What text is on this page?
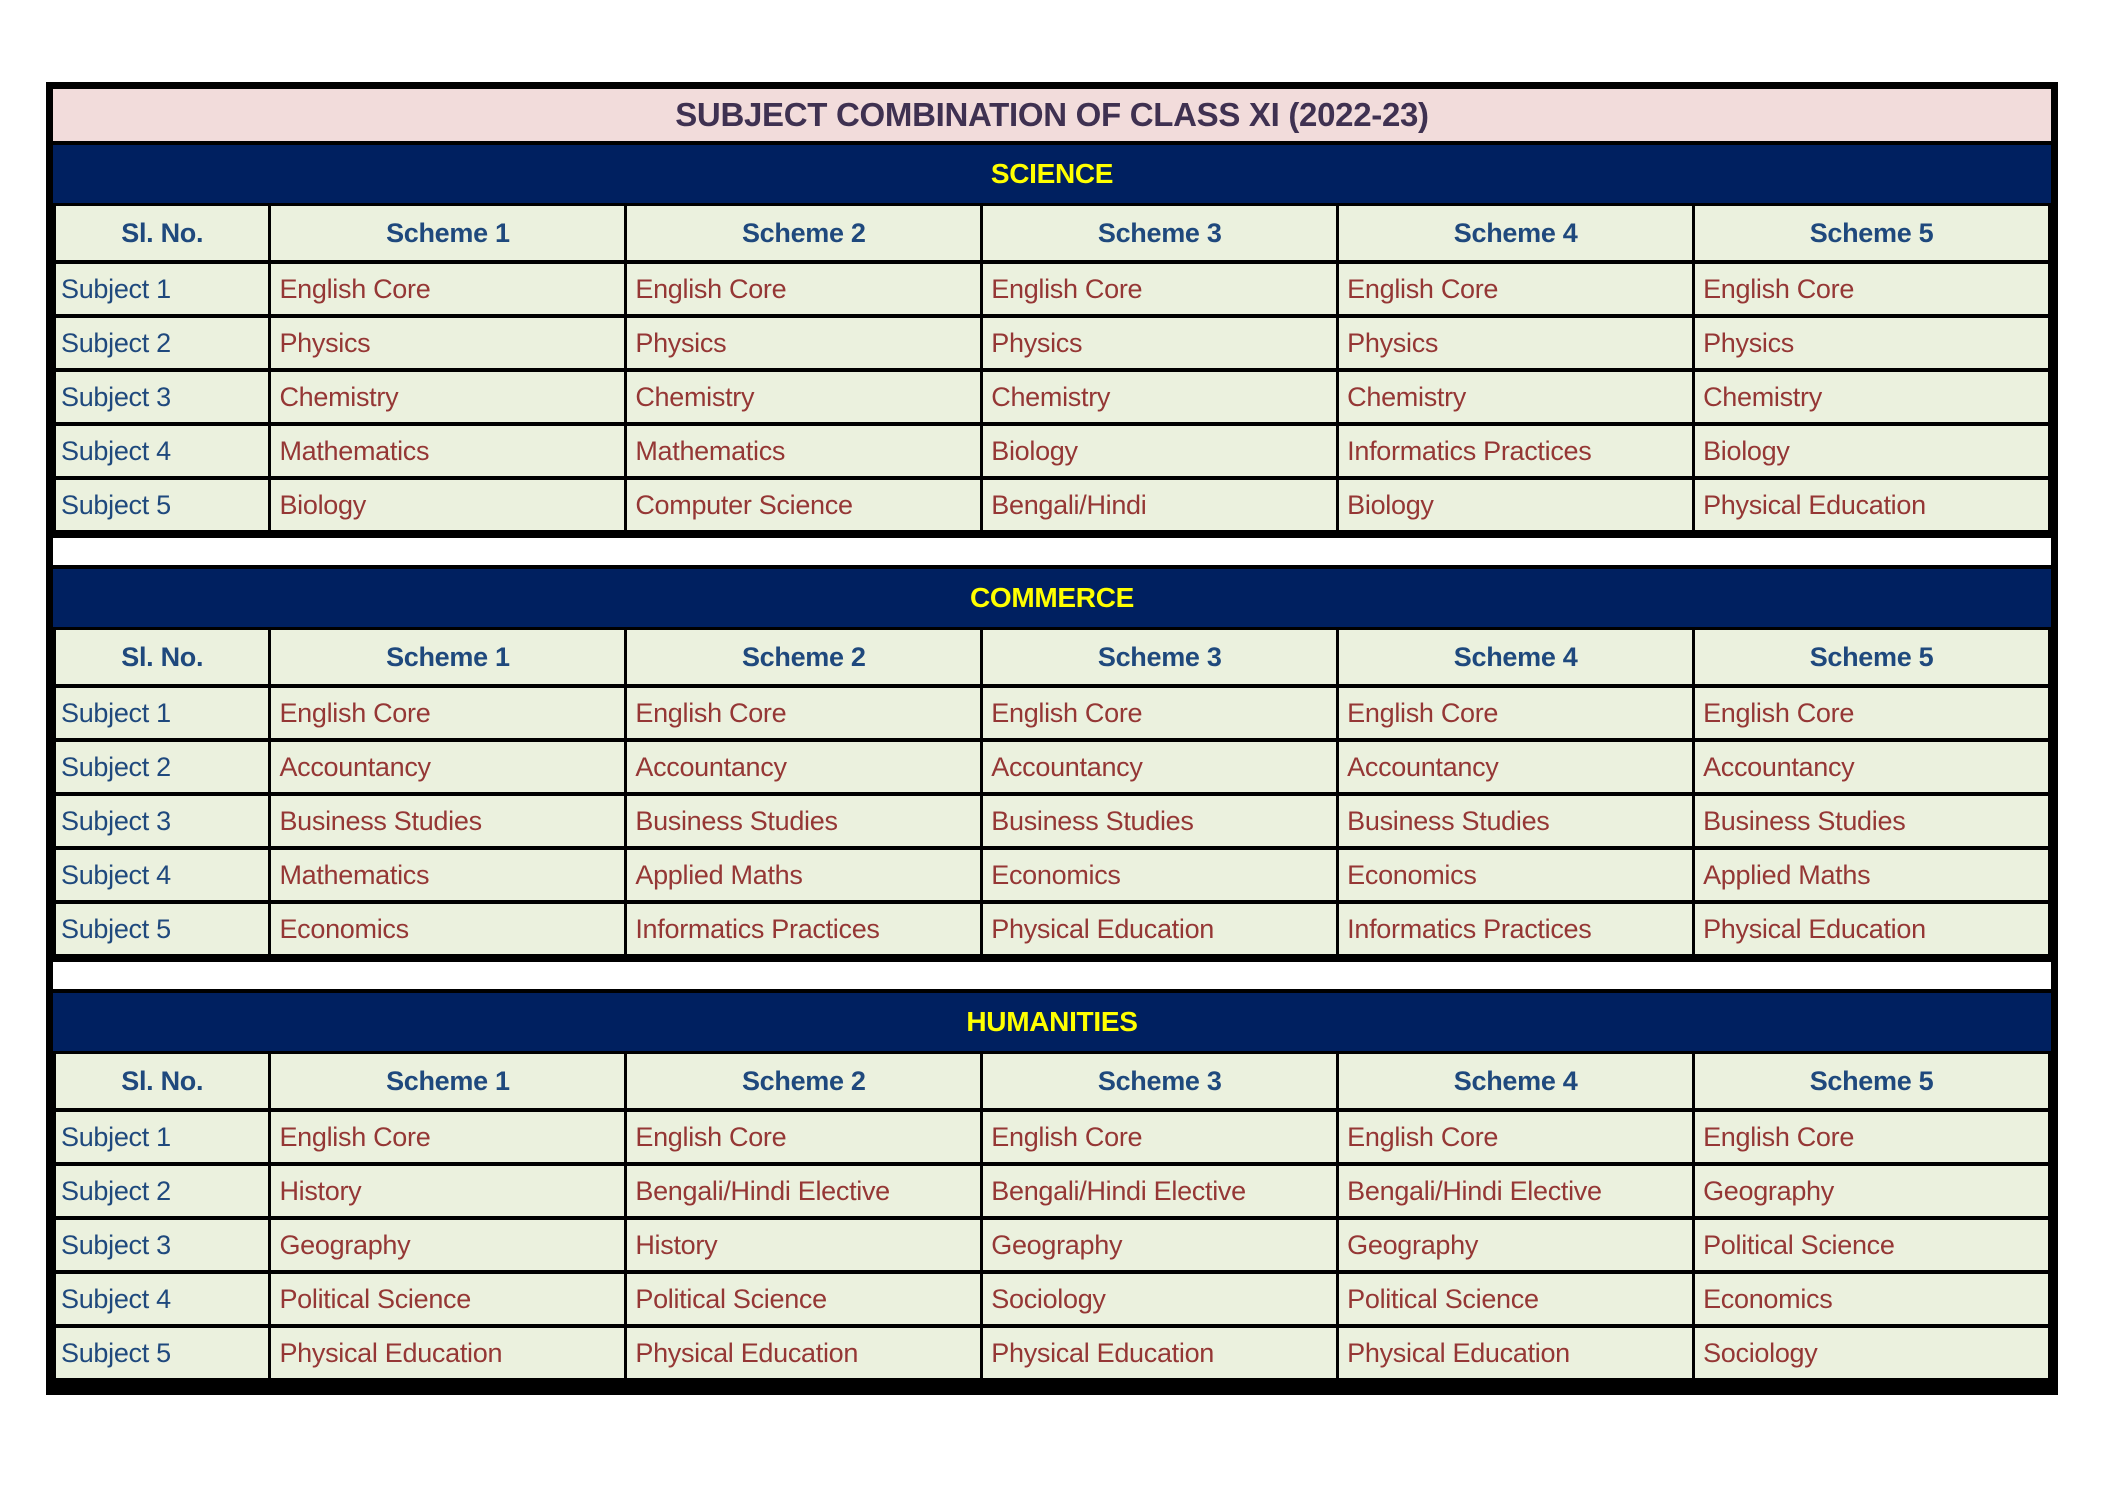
SUBJECT COMBINATION OF CLASS XI (2022-23)
SCIENCE
Sl. No.	Scheme 1	Scheme 2	Scheme 3	Scheme 4	Scheme 5
Subject 1	English Core	English Core	English Core	English Core	English Core
Subject 2	Physics	Physics	Physics	Physics	Physics
Subject 3	Chemistry	Chemistry	Chemistry	Chemistry	Chemistry
Subject 4	Mathematics	Mathematics	Biology	Informatics Practices	Biology
Subject 5	Biology	Computer Science	Bengali/Hindi	Biology	Physical Education
COMMERCE
Sl. No.	Scheme 1	Scheme 2	Scheme 3	Scheme 4	Scheme 5
Subject 1	English Core	English Core	English Core	English Core	English Core
Subject 2	Accountancy	Accountancy	Accountancy	Accountancy	Accountancy
Subject 3	Business Studies	Business Studies	Business Studies	Business Studies	Business Studies
Subject 4	Mathematics	Applied Maths	Economics	Economics	Applied Maths
Subject 5	Economics	Informatics Practices	Physical Education	Informatics Practices	Physical Education
HUMANITIES
Sl. No.	Scheme 1	Scheme 2	Scheme 3	Scheme 4	Scheme 5
Subject 1	English Core	English Core	English Core	English Core	English Core
Subject 2	History	Bengali/Hindi Elective	Bengali/Hindi Elective	Bengali/Hindi Elective	Geography
Subject 3	Geography	History	Geography	Geography	Political Science
Subject 4	Political Science	Political Science	Sociology	Political Science	Economics
Subject 5	Physical Education	Physical Education	Physical Education	Physical Education	Sociology
